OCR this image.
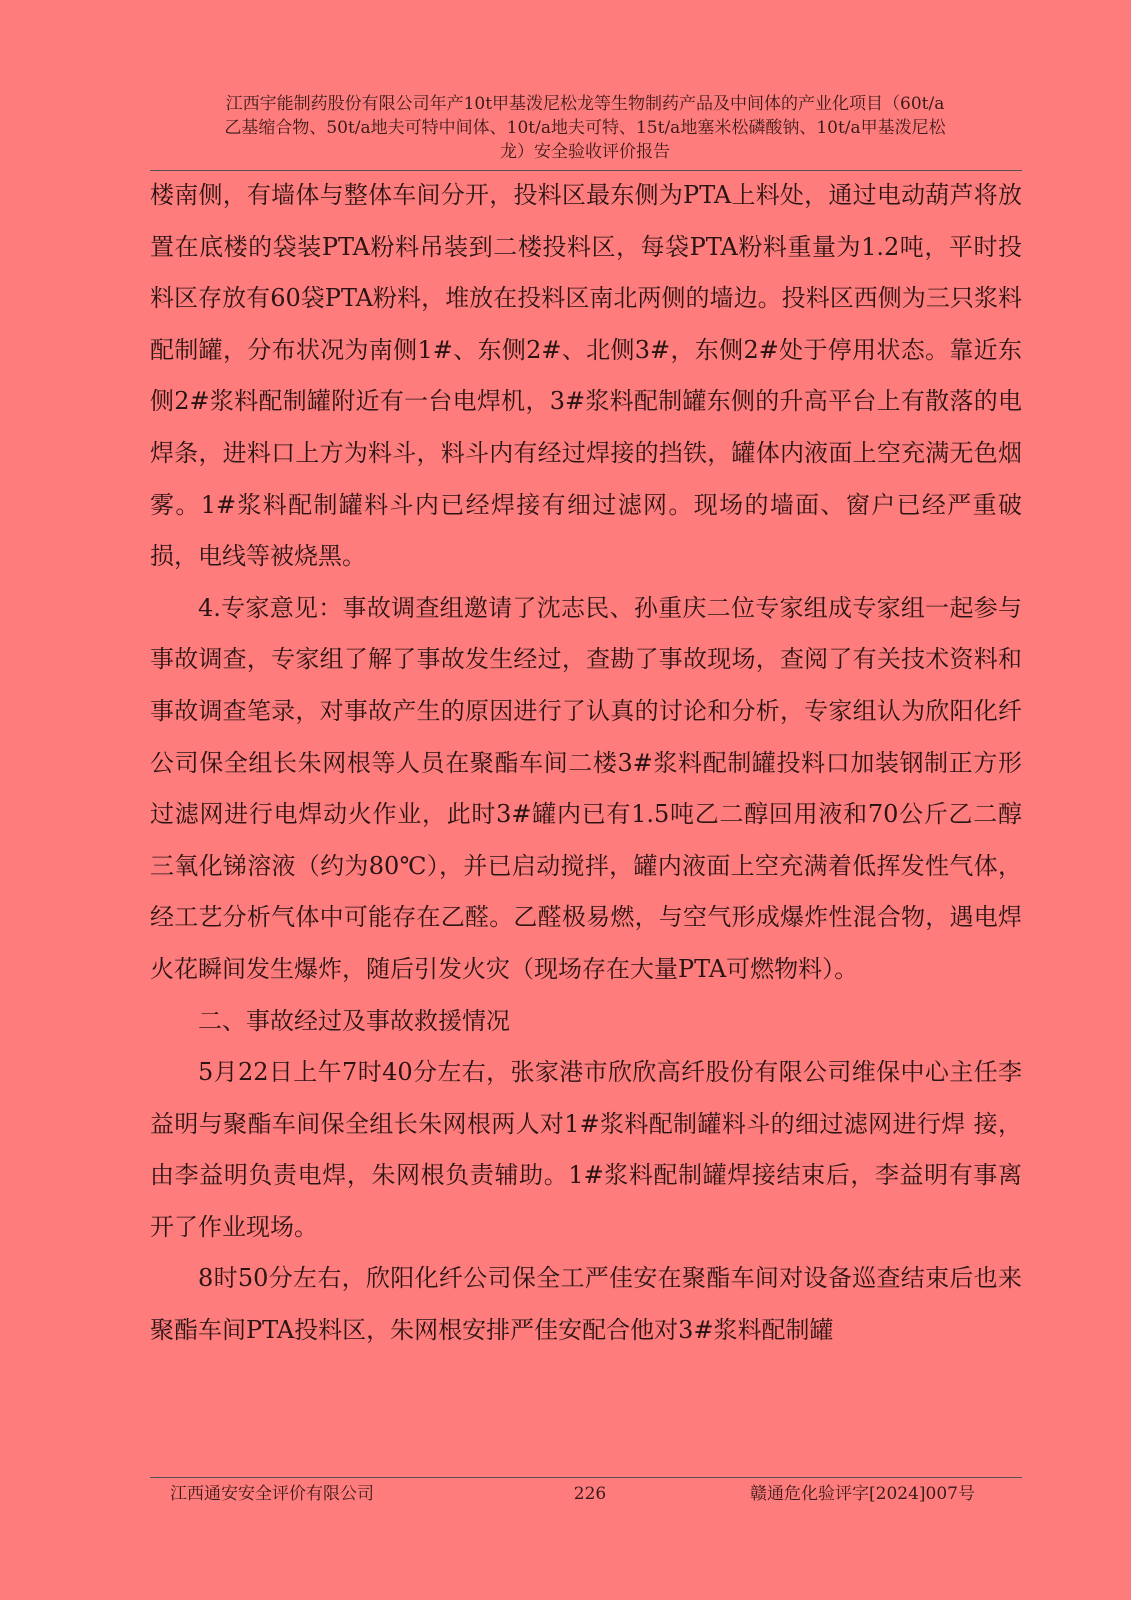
江西宇能制药股份有限公司年产10t甲基泼尼松龙等生物制药产品及中间体的产业化项目（60t/a
乙基缩合物、50t/a地夫可特中间体、10t/a地夫可特、15t/a地塞米松磷酸钠、10t/a甲基泼尼松
龙）安全验收评价报告

楼南侧，有墙体与整体车间分开，投料区最东侧为PTA上料处，通过电动葫芦将放置在底楼的袋装PTA粉料吊装到二楼投料区，每袋PTA粉料重量为1.2吨，平时投料区存放有60袋PTA粉料，堆放在投料区南北两侧的墙边。投料区西侧为三只浆料配制罐，分布状况为南侧1#、东侧2#、北侧3#，东侧2#处于停用状态。靠近东侧2#浆料配制罐附近有一台电焊机，3#浆料配制罐东侧的升高平台上有散落的电焊条，进料口上方为料斗，料斗内有经过焊接的挡铁，罐体内液面上空充满无色烟雾。1#浆料配制罐料斗内已经焊接有细过滤网。现场的墙面、窗户已经严重破损，电线等被烧黑。

4.专家意见：事故调查组邀请了沈志民、孙重庆二位专家组成专家组一起参与事故调查，专家组了解了事故发生经过，查勘了事故现场，查阅了有关技术资料和事故调查笔录，对事故产生的原因进行了认真的讨论和分析，专家组认为欣阳化纤公司保全组长朱网根等人员在聚酯车间二楼3#浆料配制罐投料口加装钢制正方形过滤网进行电焊动火作业，此时3#罐内已有1.5吨乙二醇回用液和70公斤乙二醇三氧化锑溶液（约为80℃），并已启动搅拌，罐内液面上空充满着低挥发性气体，经工艺分析气体中可能存在乙醛。乙醛极易燃，与空气形成爆炸性混合物，遇电焊火花瞬间发生爆炸，随后引发火灾（现场存在大量PTA可燃物料）。

二、事故经过及事故救援情况

5月22日上午7时40分左右，张家港市欣欣高纤股份有限公司维保中心主任李益明与聚酯车间保全组长朱网根两人对1#浆料配制罐料斗的细过滤网进行焊 接，由李益明负责电焊，朱网根负责辅助。1#浆料配制罐焊接结束后，李益明有事离开了作业现场。

8时50分左右，欣阳化纤公司保全工严佳安在聚酯车间对设备巡查结束后也来聚酯车间PTA投料区，朱网根安排严佳安配合他对3#浆料配制罐

江西通安安全评价有限公司	226	赣通危化验评字[2024]007号
